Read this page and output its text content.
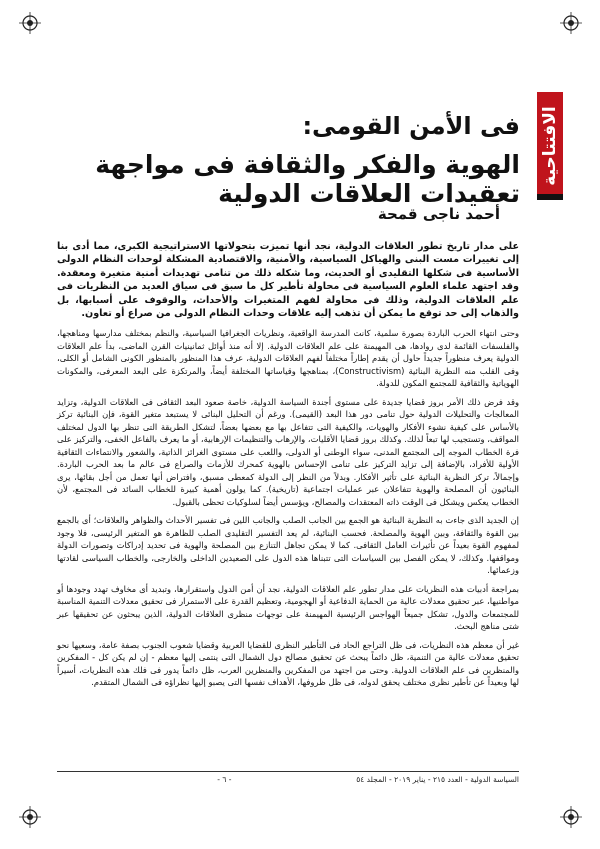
الافتتاحية
فى الأمن القومى:
الهوية والفكر والثقافة فى مواجهة تعقيدات العلاقات الدولية
أحمد ناجى قمحة

على مدار تاريخ تطور العلاقات الدولية، نجد أنها تميزت بتحولاتها الاستراتيجية الكبرى، مما أدى بنا إلى تغييرات مست البنى والهياكل السياسية، والأمنية، والاقتصادية المشكلة لوحدات النظام الدولى الأساسية فى شكلها التقليدى أو الحديث، وما شكله ذلك من تنامى تهديدات أمنية متغيرة ومعقدة. وقد اجتهد علماء العلوم السياسية فى محاولة تأطير كل ما سبق فى سياق العديد من النظريات فى علم العلاقات الدولية، وذلك فى محاولة لفهم المتغيرات والأحداث، والوقوف على أسبابها، بل والذهاب إلى حد توقع ما يمكن أن تذهب إليه علاقات وحدات النظام الدولى من صراع أو تعاون.

وحتى انتهاء الحرب الباردة بصورة سلمية، كانت المدرسة الواقعية، ونظريات الجغرافيا السياسية، والنظم بمختلف مدارسها ومناهجها، والفلسفات القائمة لدى روادها، هى المهيمنة على علم العلاقات الدولية. إلا أنه منذ أوائل ثمانينيات القرن الماضى، بدأ علم العلاقات الدولية يعرف منظوراً جديداً حاول أن يقدم إطاراً مختلفاً لفهم العلاقات الدولية، عرف هذا المنظور بالمنظور الكونى الشامل أو الكلى، وفى القلب منه النظرية البنائية (Constructivism)، بمناهجها وقياساتها المختلفة أيضاً، والمرتكزة على البعد المعرفى، والمكونات الهوياتية والثقافية للمجتمع المكون للدولة.

وقد فرض ذلك الأمر بروز قضايا جديدة على مستوى أجندة السياسة الدولية، خاصة صعود البعد الثقافى فى العلاقات الدولية، وتزايد المعالجات والتحليلات الدولية حول تنامى دور هذا البعد (القيمى). ورغم أن التحليل البنائى لا يستبعد متغير القوة، فإن البنائية تركز بالأساس على كيفية نشوء الأفكار والهويات، والكيفية التى تتفاعل بها مع بعضها بعضاً، لتشكل الطريقة التى تنظر بها الدول لمختلف المواقف، وتستجيب لها تبعاً لذلك. وكذلك بروز قضايا الأقليات، والإرهاب والتنظيمات الإرهابية، أو ما يعرف بالفاعل الخفى، والتركيز على فرة الخطاب الموجه إلى المجتمع المدنى، سواء الوطنى أو الدولى، واللعب على مستوى الغرائز الذاتية، والشعور والانتماءات الثقافية الأولية للأفراد، بالإضافة إلى تزايد التركيز على تنامى الإحساس بالهوية كمحرك للأزمات والصراع فى عالم ما بعد الحرب الباردة. وإجمالاً، تركز النظرية البنائية على تأثير الأفكار. وبدلاً من النظر إلى الدولة كمعطى مسبق، وافتراض أنها تعمل من أجل بقائها، يرى البنائيون أن المصلحة والهوية تتفاعلان عبر عمليات اجتماعية (تاريخية). كما يولون أهمية كبيرة للخطاب السائد فى المجتمع، لأن الخطاب يعكس ويشكل فى الوقت ذاته المعتقدات والمصالح، ويؤسس أيضاً لسلوكيات تحظى بالقبول.

إن الجديد الذى جاءت به النظرية البنائية هو الجمع بين الجانب الصلب والجانب اللين فى تفسير الأحداث والظواهر والعلاقات؛ أى بالجمع بين القوة والثقافة، وبين الهوية والمصلحة. فحسب البنائية، لم يعد التفسير التقليدى الصلب للظاهرة هو المتغير الرئيسى، فلا وجود لمفهوم القوة بعيداً عن تأثيرات العامل الثقافى. كما لا يمكن تجاهل التنازع بين المصلحة والهوية فى تحديد إدراكات وتصورات الدولة ومواقفها. وكذلك، لا يمكن الفصل بين السياسات التى تتبناها هذه الدول على الصعيدين الداخلى والخارجى، والخطاب السياسى لقادتها وزعمائها.

بمراجعة أدبيات هذه النظريات على مدار تطور علم العلاقات الدولية، نجد أن أمن الدول واستقرارها، وتبديد أى مخاوف تهدد وجودها أو مواطنيها، عبر تحقيق معدلات عالية من الحماية الدفاعية أو الهجومية، وتعظيم القدرة على الاستمرار فى تحقيق معدلات التنمية المناسبة للمجتمعات والدول، تشكل جميعاً الهواجس الرئيسية المهيمنة على توجهات منظرى العلاقات الدولية، الذين يبحثون عن تحقيقها عبر شتى مناهج البحث.

غير أن معظم هذه النظريات، فى ظل التراجع الحاد فى التأطير النظرى للقضايا العربية وقضايا شعوب الجنوب بصفة عامة، وسعيها نحو تحقيق معدلات عالية من التنمية، ظل دائماً يبحث عن تحقيق مصالح دول الشمال التى ينتمى إليها معظم - إن لم يكن كل - المفكرين والمنظرين فى علم العلاقات الدولية. وحتى من اجتهد من المفكرين والمنظرين العرب، ظل دائماً يدور فى فلك هذه النظريات، أسيراً لها وبعيداً عن تأطير نظرى مختلف يحقق لدوله، فى ظل ظروفها، الأهداف نفسها التى يصبو إليها نظراؤه فى الشمال المتقدم.

السياسة الدولية - العدد ٢١٥ - يناير ٢٠١٩ - المجلد ٥٤  - ٦ -
